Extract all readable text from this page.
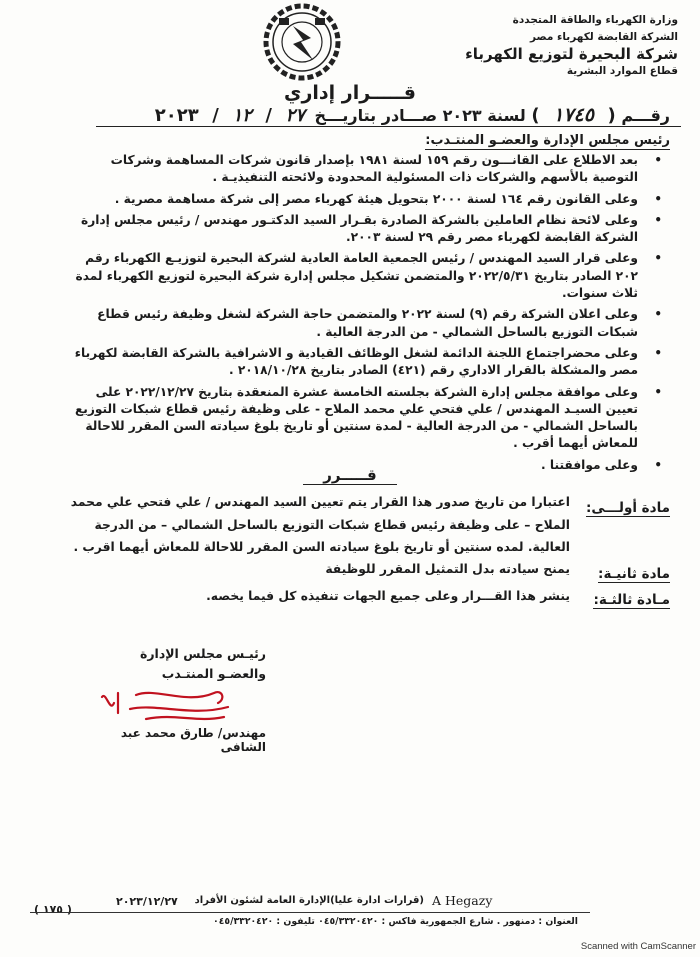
وزارة الكهرباء والطاقة المتجددة
الشركة القابضة لكهرباء مصر
شركة البحيرة لتوزيع الكهرباء
قطاع الموارد البشرية
قـــــرار إداري
رقـــم ( ١٧٤٥ ) لسنة ٢٠٢٣ صـــادر بتاريـــخ ٢٧ / ١٢ / ٢٠٢٣
رئيس مجلس الإدارة والعضـو المنتـدب:
• بعد الاطلاع على القانـــون رقم ١٥٩ لسنة ١٩٨١ بإصدار قانون شركات المساهمة وشركات التوصية بالأسهم والشركات ذات المسئولية المحدودة ولائحته التنفيذيـة .
• وعلى القانون رقم ١٦٤ لسنة ٢٠٠٠ بتحويل هيئة كهرباء مصر إلى شركة مساهمة مصرية .
• وعلى لائحة نظام العاملين بالشركة الصادرة بقـرار السيد الدكتـور مهندس / رئيس مجلس إدارة الشركة القابضة لكهرباء مصر رقم ٢٩ لسنة ٢٠٠٣.
• وعلى قرار السيد المهندس / رئيس الجمعية العامة العادية لشركة البحيرة لتوزيـع الكهرباء رقم ٢٠٢ الصادر بتاريخ ٢٠٢٢/٥/٣١ والمتضمن تشكيل مجلس إدارة شركة البحيرة لتوزيع الكهرباء لمدة ثلاث سنوات.
• وعلى اعلان الشركة رقم (٩) لسنة ٢٠٢٢ والمتضمن حاجة الشركة لشغل وظيفة رئيس قطاع شبكات التوزيع بالساحل الشمالي - من الدرجة العالية .
• وعلى محضراجتماع اللجنة الدائمة لشغل الوظائف القيادية و الاشرافية بالشركة القابضة لكهرباء مصر والمشكلة بالقرار الاداري رقم (٤٢١) الصادر بتاريخ ٢٠١٨/١٠/٢٨ .
• وعلى موافقة مجلس إدارة الشركة بجلسته الخامسة عشرة المنعقدة بتاريخ ٢٠٢٢/١٢/٢٧ على تعيين السيـد المهندس / علي فتحي علي محمد الملاح - على وظيفة رئيس قطاع شبكات التوزيع بالساحل الشمالي - من الدرجة العالية - لمدة سنتين أو تاريخ بلوغ سيادته السن المقرر للاحالة للمعاش أيهما أقرب .
• وعلى موافقتنا .
قـــــرر
مادة أولـــى:
اعتبارا من تاريخ صدور هذا القرار يتم تعيين السيد المهندس / علي فتحي علي محمد الملاح – على وظيفة رئيس قطاع شبكات التوزيع بالساحل الشمالي – من الدرجة العالية. لمده سنتين أو تاريخ بلوغ سيادته السن المقرر للاحالة للمعاش أيهما اقرب .
مادة ثانيـة:
يمنح سيادته بدل التمثيل المقرر للوظيفة
مـادة ثالثـة:
ينشر هذا القـــرار وعلى جميع الجهات تنفيذه كل فيما يخصه.
رئيـس مجلس الإدارة
والعضـو المنتـدب
مهندس/ طارق محمد عبد الشافى
A Hegazy
(قرارات ادارة عليا)الإدارة العامة لشئون الأفراد
٢٠٢٣/١٢/٢٧
( ١٧٥ )
العنوان : دمنهور . شارع الجمهورية فاكس : ٠٤٥/٣٣٢٠٤٢٠ تليفون : ٠٤٥/٣٣٢٠٤٢٠
Scanned with CamScanner
